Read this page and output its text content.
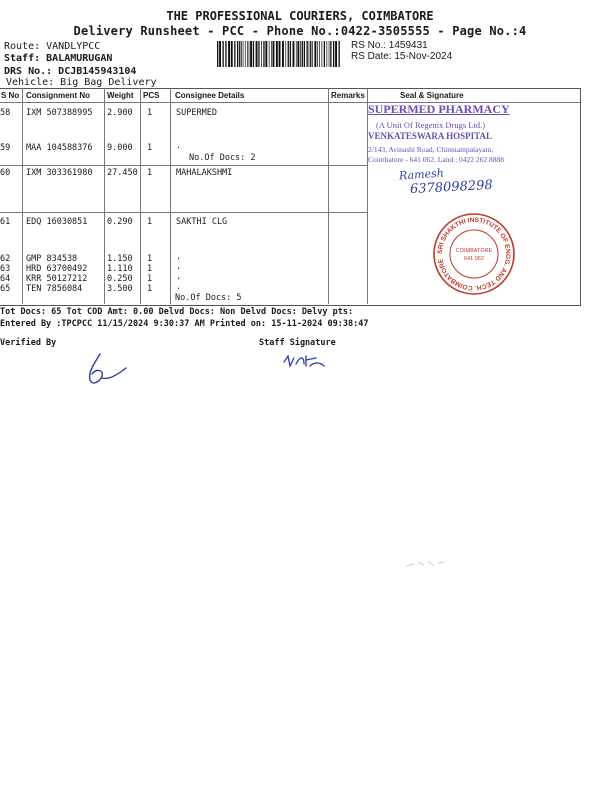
THE PROFESSIONAL COURIERS, COIMBATORE
Delivery Runsheet - PCC - Phone No.:0422-3505555 - Page No.:4
Route: VANDLYPCC
Staff: BALAMURUGAN
DRS No.: DCJB145943104
Vehicle: Big Bag Delivery
RS No.: 1459431
RS Date: 15-Nov-2024
S No Consignment No Weight PCS Consignee Details	Remarks	Seal & Signature
58 IXM 507388995 2.900 1	SUPERMED
59 MAA 104588376 9.000 1	.
No.Of Docs: 2
60 IXM 303361980 27.450 1	MAHALAKSHMI
61 EDQ 16030851 0.290 1	SAKTHI CLG
62 GMP 834538	1.150 1	.
63 HRD 63700492 1.110 1	.
64 KRR 50127212 0.250 1	.
65 TEN 7856084	3.500 1	.
No.Of Docs: 5
SUPERMED PHARMACY
(A Unit Of Regenix Drugs Ltd.)
VENKATESWARA HOSPITAL
2/143, Avinashi Road, Chinniampalayam,
Coimbatore - 641 062. Land : 0422 262 8888
Ramesh
6378098298
SRI SHAKTHI INSTITUTE OF ENGG. AND TECH. COIMBATORE
COIMBATORE
641 062
Tot Docs: 65 Tot COD Amt: 0.00 Delvd Docs: Non Delvd Docs: Delvy pts:
Entered By :TPCPCC 11/15/2024 9:30:37 AM Printed on: 15-11-2024 09:38:47
Verified By	Staff Signature
